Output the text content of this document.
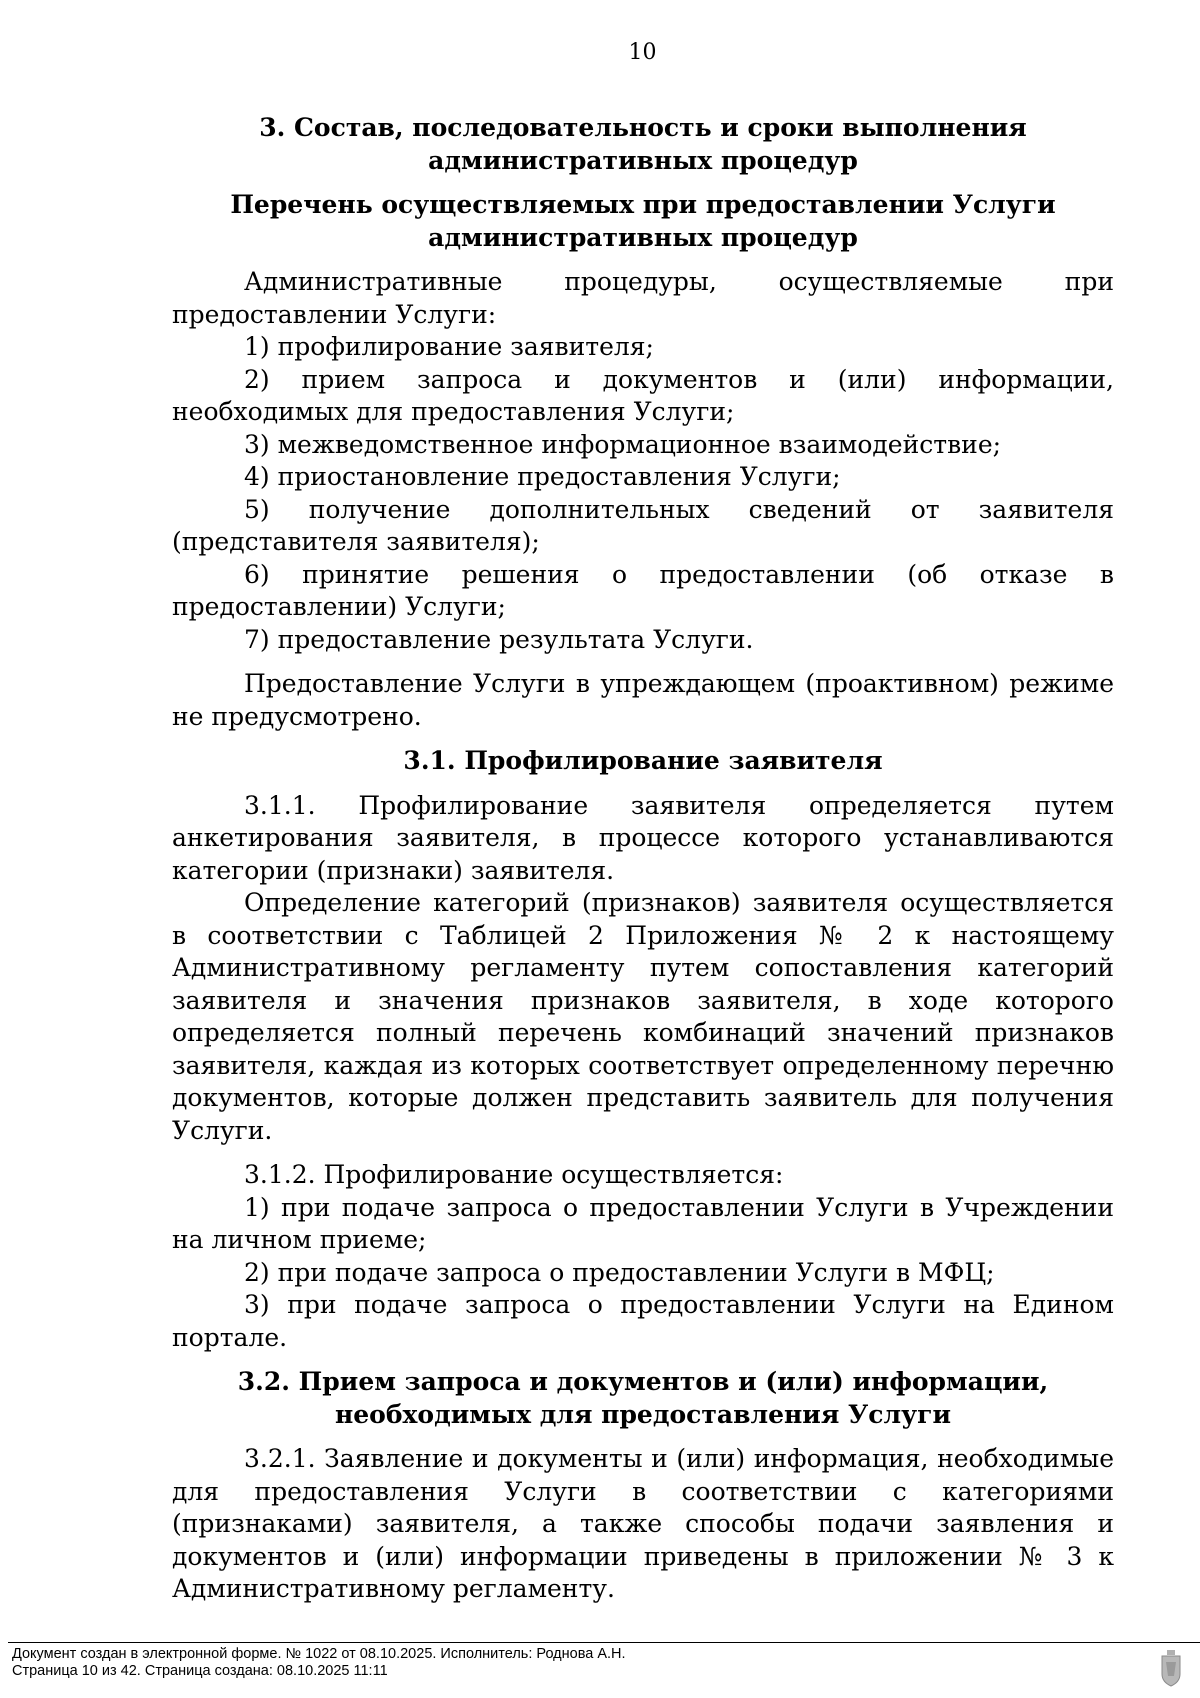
10
3. Состав, последовательность и сроки выполнения административных процедур
Перечень осуществляемых при предоставлении Услуги административных процедур

Административные процедуры, осуществляемые при предоставлении Услуги:

1) профилирование заявителя;

2) прием запроса и документов и (или) информации, необходимых для предоставления Услуги;

3) межведомственное информационное взаимодействие;

4) приостановление предоставления Услуги;

5) получение дополнительных сведений от заявителя (представителя заявителя);

6) принятие решения о предоставлении (об отказе в предоставлении) Услуги;

7) предоставление результата Услуги.

Предоставление Услуги в упреждающем (проактивном) режиме не предусмотрено.

3.1. Профилирование заявителя

3.1.1. Профилирование заявителя определяется путем анкетирования заявителя, в процессе которого устанавливаются категории (признаки) заявителя.

Определение категорий (признаков) заявителя осуществляется в соответствии с Таблицей 2 Приложения № 2 к настоящему Административному регламенту путем сопоставления категорий заявителя и значения признаков заявителя, в ходе которого определяется полный перечень комбинаций значений признаков заявителя, каждая из которых соответствует определенному перечню документов, которые должен представить заявитель для получения Услуги.

3.1.2. Профилирование осуществляется:

1) при подаче запроса о предоставлении Услуги в Учреждении на личном приеме;

2) при подаче запроса о предоставлении Услуги в МФЦ;

3) при подаче запроса о предоставлении Услуги на Едином портале.

3.2. Прием запроса и документов и (или) информации, необходимых для предоставления Услуги

3.2.1. Заявление и документы и (или) информация, необходимые для предоставления Услуги в соответствии с категориями (признаками) заявителя, а также способы подачи заявления и документов и (или) информации приведены в приложении № 3 к Административному регламенту.

Документ создан в электронной форме. № 1022 от 08.10.2025. Исполнитель: Роднова А.Н.
Страница 10 из 42. Страница создана: 08.10.2025 11:11
